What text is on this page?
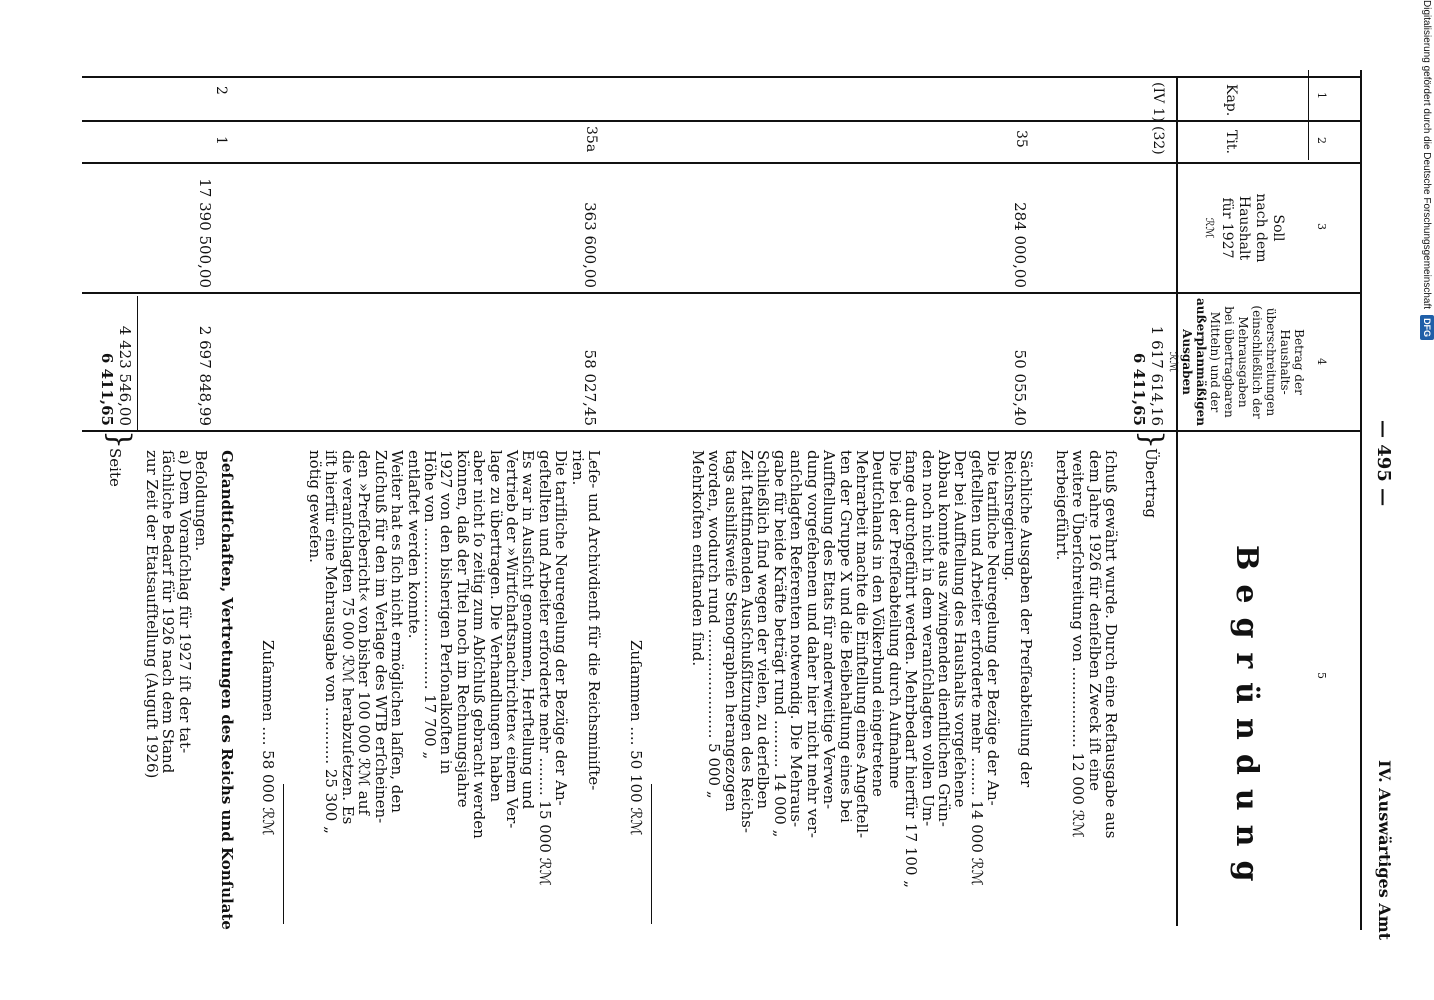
— 495 —
IV. Auswärtiges Amt
1
2
3
4
5
Kap.
Tit.
Soll
nach dem
Haushalt
für 1927
ℛℳ
Betrag der Haushalts-
überschreitungen
(einschließlich der
Mehrausgaben
bei übertragbaren
Mitteln) und der
außerplanmäßigen
Ausgaben
ℛℳ
Begründung
(IV 1)
(32)
1 617 614,16
6 411,65
}
Übertrag
ſchuß gewährt wurde. Durch eine Reſtausgabe aus
dem Jahre 1926 für denſelben Zweck iſt eine
weitere Überſchreitung von ................. 12 000 ℛℳ
herbeigeführt.
35
284 000,00
50 055,40
Sächliche Ausgaben der Preſſeabteilung der
Reichsregierung.
Die tarifliche Neuregelung der Bezüge der An-
geſtellten und Arbeiter erforderte mehr ........ 14 000 ℛℳ
Der bei Aufſtellung des Haushalts vorgeſehene
Abbau konnte aus zwingenden dienſtlichen Grün-
den noch nicht in dem veranſchlagten vollen Um-
fange durchgeführt werden. Mehrbedarf hierfür 17 100 „
Die bei der Preſſeabteilung durch Aufnahme
Deutſchlands in den Völkerbund eingetretene
Mehrarbeit machte die Einſtellung eines Angeſtell-
ten der Gruppe X und die Beibehaltung eines bei
Aufſtellung des Etats für anderweitige Verwen-
dung vorgeſehenen und daher hier nicht mehr ver-
anſchlagten Referenten notwendig. Die Mehraus-
gabe für beide Kräfte beträgt rund .......... 14 000 „
Schließlich ſind wegen der vielen, zu derſelben
Zeit ſtattfindenden Ausſchußſitzungen des Reichs-
tags aushilfsweiſe Stenographen herangezogen
worden, wodurch rund ....................... 5 000 „
Mehrkoſten entſtanden ſind.
Zuſammen .... 50 100 ℛℳ
35a
363 600,00
58 027,45
Leſe- und Archivdienſt für die Reichsminiſte-
rien.
Die tarifliche Neuregelung der Bezüge der An-
geſtellten und Arbeiter erforderte mehr ........ 15 000 ℛℳ
Es war in Ausſicht genommen, Herſtellung und
Vertrieb der »Wirtſchaftsnachrichten« einem Ver-
lage zu übertragen. Die Verhandlungen haben
aber nicht ſo zeitig zum Abſchluß gebracht werden
können, daß der Titel noch im Rechnungsjahre
1927 von den bisherigen Perſonalkoſten in
Höhe von .................................. 17 700 „
entlaſtet werden konnte.
Weiter hat es ſich nicht ermöglichen laſſen, den
Zuſchuß für den im Verlage des WTB erſcheinen-
den »Preſſebericht« von bisher 100 000 ℛℳ auf
die veranſchlagten 75 000 ℛℳ herabzuſetzen. Es
iſt hierfür eine Mehrausgabe von ............ 25 300 „
nötig geweſen.
Zuſammen .... 58 000 ℛℳ
Geſandtſchaften, Vertretungen des Reichs und Konſulate
2
1
17 390 500,00
2 697 848,99
Beſoldungen.
a) Dem Voranſchlag für 1927 iſt der tat-
ſächliche Bedarf für 1926 nach dem Stand
zur Zeit der Etatsaufſtellung (Auguſt 1926)
4 423 546,00
6 411,65
}
Seite
Digitalisierung gefördert durch die Deutsche ForschungsgemeinschaftDFG
